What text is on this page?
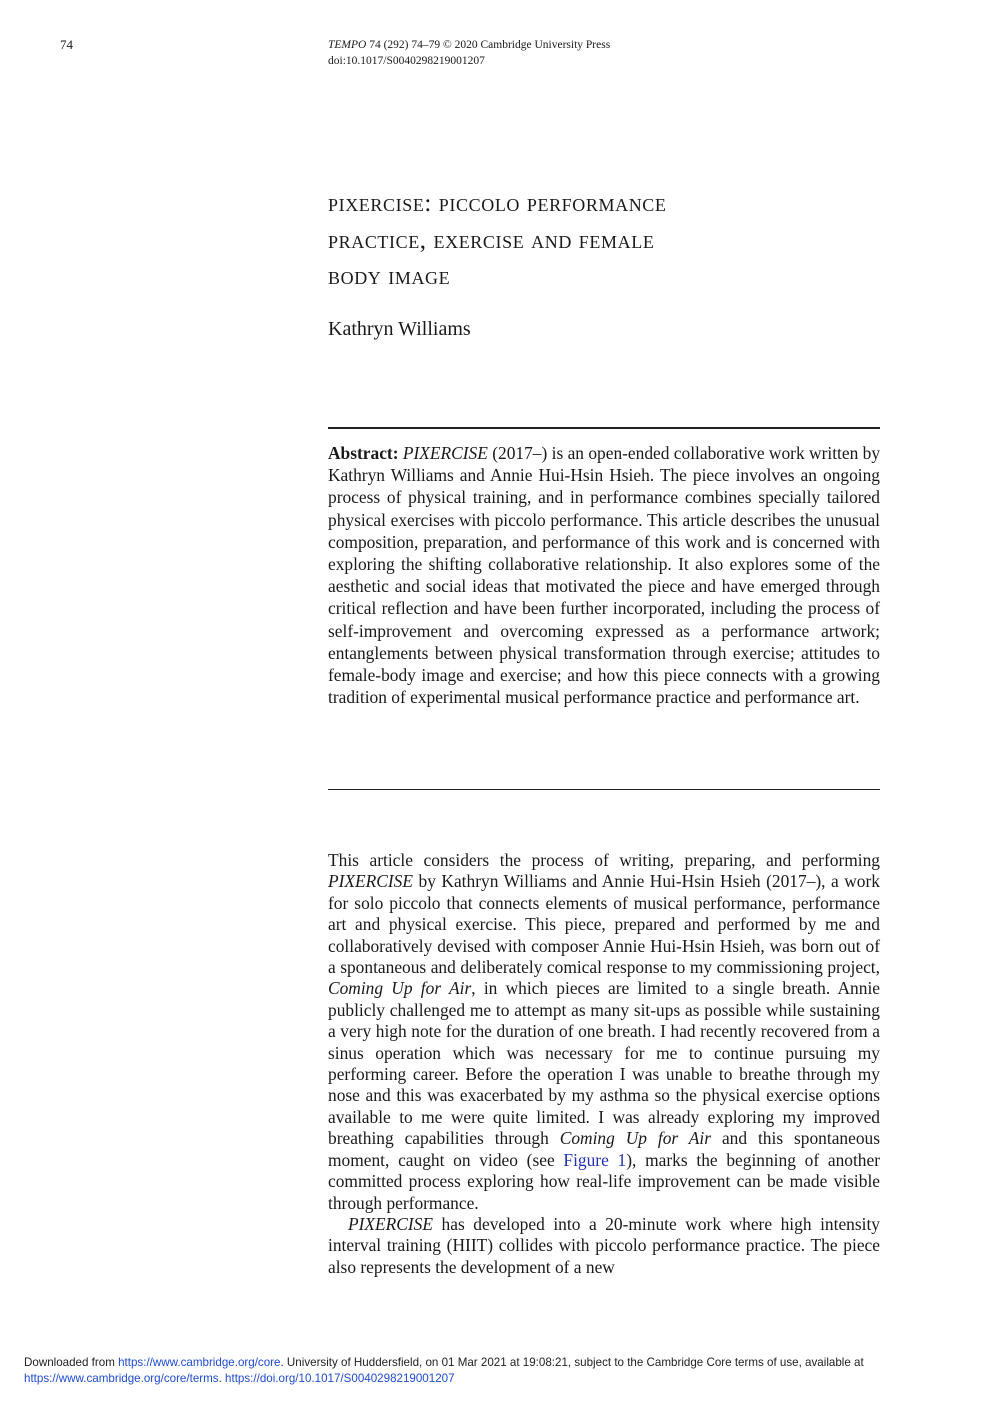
74	TEMPO 74 (292) 74–79 © 2020 Cambridge University Press
doi:10.1017/S0040298219001207
pixercise: piccolo performance
practice, exercise and female
body image
Kathryn Williams

Abstract: PIXERCISE (2017–) is an open-ended collaborative work written by Kathryn Williams and Annie Hui-Hsin Hsieh. The piece involves an ongoing process of physical training, and in performance combines specially tailored physical exercises with piccolo performance. This article describes the unusual composition, preparation, and performance of this work and is concerned with exploring the shifting collaborative relationship. It also explores some of the aesthetic and social ideas that motivated the piece and have emerged through critical reflection and have been further incorporated, including the process of self-improvement and overcoming expressed as a performance artwork; entanglements between physical transformation through exercise; attitudes to female-body image and exercise; and how this piece connects with a growing tradition of experimental musical performance practice and performance art.

This article considers the process of writing, preparing, and performing PIXERCISE by Kathryn Williams and Annie Hui-Hsin Hsieh (2017–), a work for solo piccolo that connects elements of musical performance, performance art and physical exercise. This piece, prepared and performed by me and collaboratively devised with composer Annie Hui-Hsin Hsieh, was born out of a spontaneous and deliberately comical response to my commissioning project, Coming Up for Air, in which pieces are limited to a single breath. Annie publicly challenged me to attempt as many sit-ups as possible while sustaining a very high note for the duration of one breath. I had recently recovered from a sinus operation which was necessary for me to continue pursuing my performing career. Before the operation I was unable to breathe through my nose and this was exacerbated by my asthma so the physical exercise options available to me were quite limited. I was already exploring my improved breathing capabilities through Coming Up for Air and this spontaneous moment, caught on video (see Figure 1), marks the beginning of another committed process exploring how real-life improvement can be made visible through performance.

PIXERCISE has developed into a 20-minute work where high intensity interval training (HIIT) collides with piccolo performance practice. The piece also represents the development of a new

Downloaded from https://www.cambridge.org/core. University of Huddersfield, on 01 Mar 2021 at 19:08:21, subject to the Cambridge Core terms of use, available at https://www.cambridge.org/core/terms. https://doi.org/10.1017/S0040298219001207
